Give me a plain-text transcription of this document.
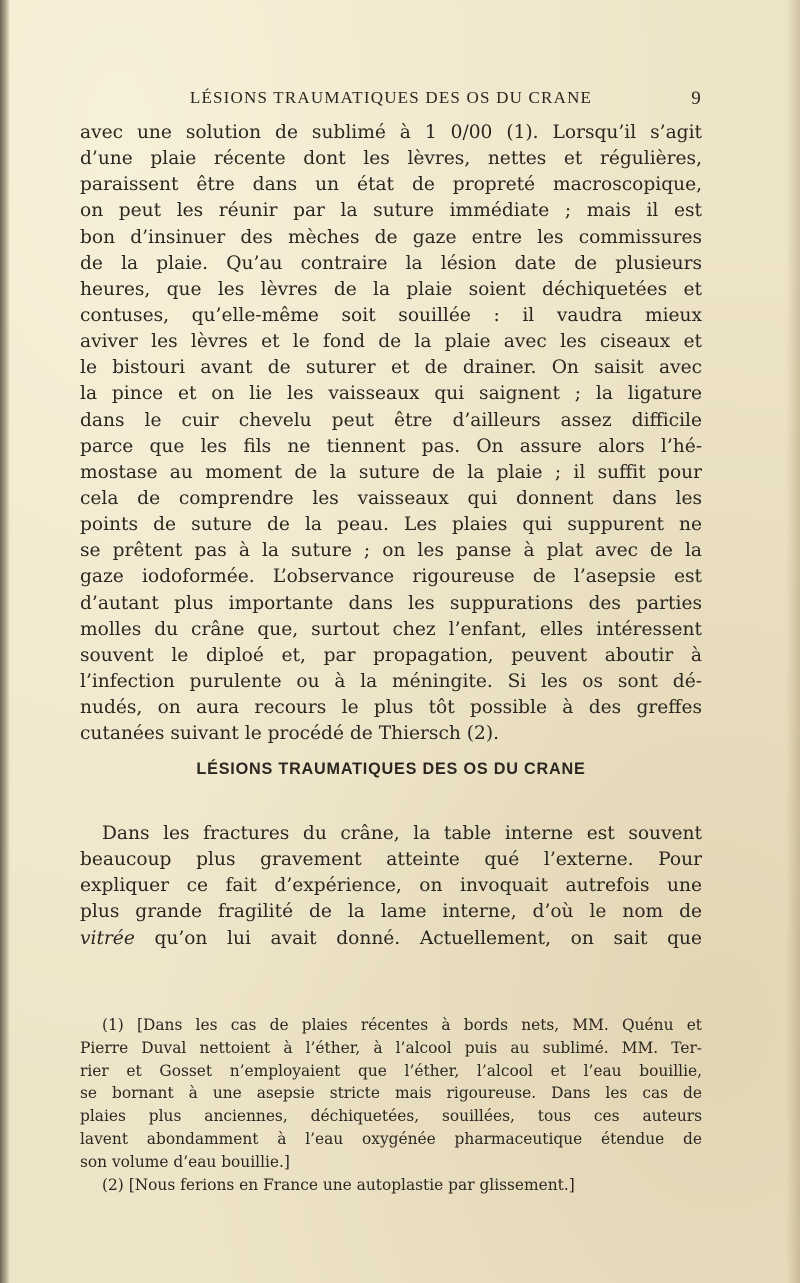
LÉSIONS TRAUMATIQUES DES OS DU CRANE	9
avec une solution de sublimé à 1 0/00 (1). Lorsqu’il s’agit
d’une plaie récente dont les lèvres, nettes et régulières,
paraissent être dans un état de propreté macroscopique,
on peut les réunir par la suture immédiate ; mais il est
bon d’insinuer des mèches de gaze entre les commissures
de la plaie. Qu’au contraire la lésion date de plusieurs
heures, que les lèvres de la plaie soient déchiquetées et
contuses, qu’elle-même soit souillée : il vaudra mieux
aviver les lèvres et le fond de la plaie avec les ciseaux et
le bistouri avant de suturer et de drainer. On saisit avec
la pince et on lie les vaisseaux qui saignent ; la ligature
dans le cuir chevelu peut être d’ailleurs assez difficile
parce que les fils ne tiennent pas. On assure alors l’hé-
mostase au moment de la suture de la plaie ; il suffit pour
cela de comprendre les vaisseaux qui donnent dans les
points de suture de la peau. Les plaies qui suppurent ne
se prêtent pas à la suture ; on les panse à plat avec de la
gaze iodoformée. L’observance rigoureuse de l’asepsie est
d’autant plus importante dans les suppurations des parties
molles du crâne que, surtout chez l’enfant, elles intéressent
souvent le diploé et, par propagation, peuvent aboutir à
l’infection purulente ou à la méningite. Si les os sont dé-
nudés, on aura recours le plus tôt possible à des greffes
cutanées suivant le procédé de Thiersch (2).
LÉSIONS TRAUMATIQUES DES OS DU CRANE
Dans les fractures du crâne, la table interne est souvent
beaucoup plus gravement atteinte qué l’externe. Pour
expliquer ce fait d’expérience, on invoquait autrefois une
plus grande fragilité de la lame interne, d’où le nom de
vitrée qu’on lui avait donné. Actuellement, on sait que
(1) [Dans les cas de plaies récentes à bords nets, MM. Quénu et
Pierre Duval nettoient à l’éther, à l’alcool puis au sublimé. MM. Ter-
rier et Gosset n’employaient que l’éther, l’alcool et l’eau bouillie,
se bornant à une asepsie stricte mais rigoureuse. Dans les cas de
plaies plus anciennes, déchiquetées, souillées, tous ces auteurs
lavent abondamment à l’eau oxygénée pharmaceutique étendue de
son volume d’eau bouillie.]
(2) [Nous ferions en France une autoplastie par glissement.]
